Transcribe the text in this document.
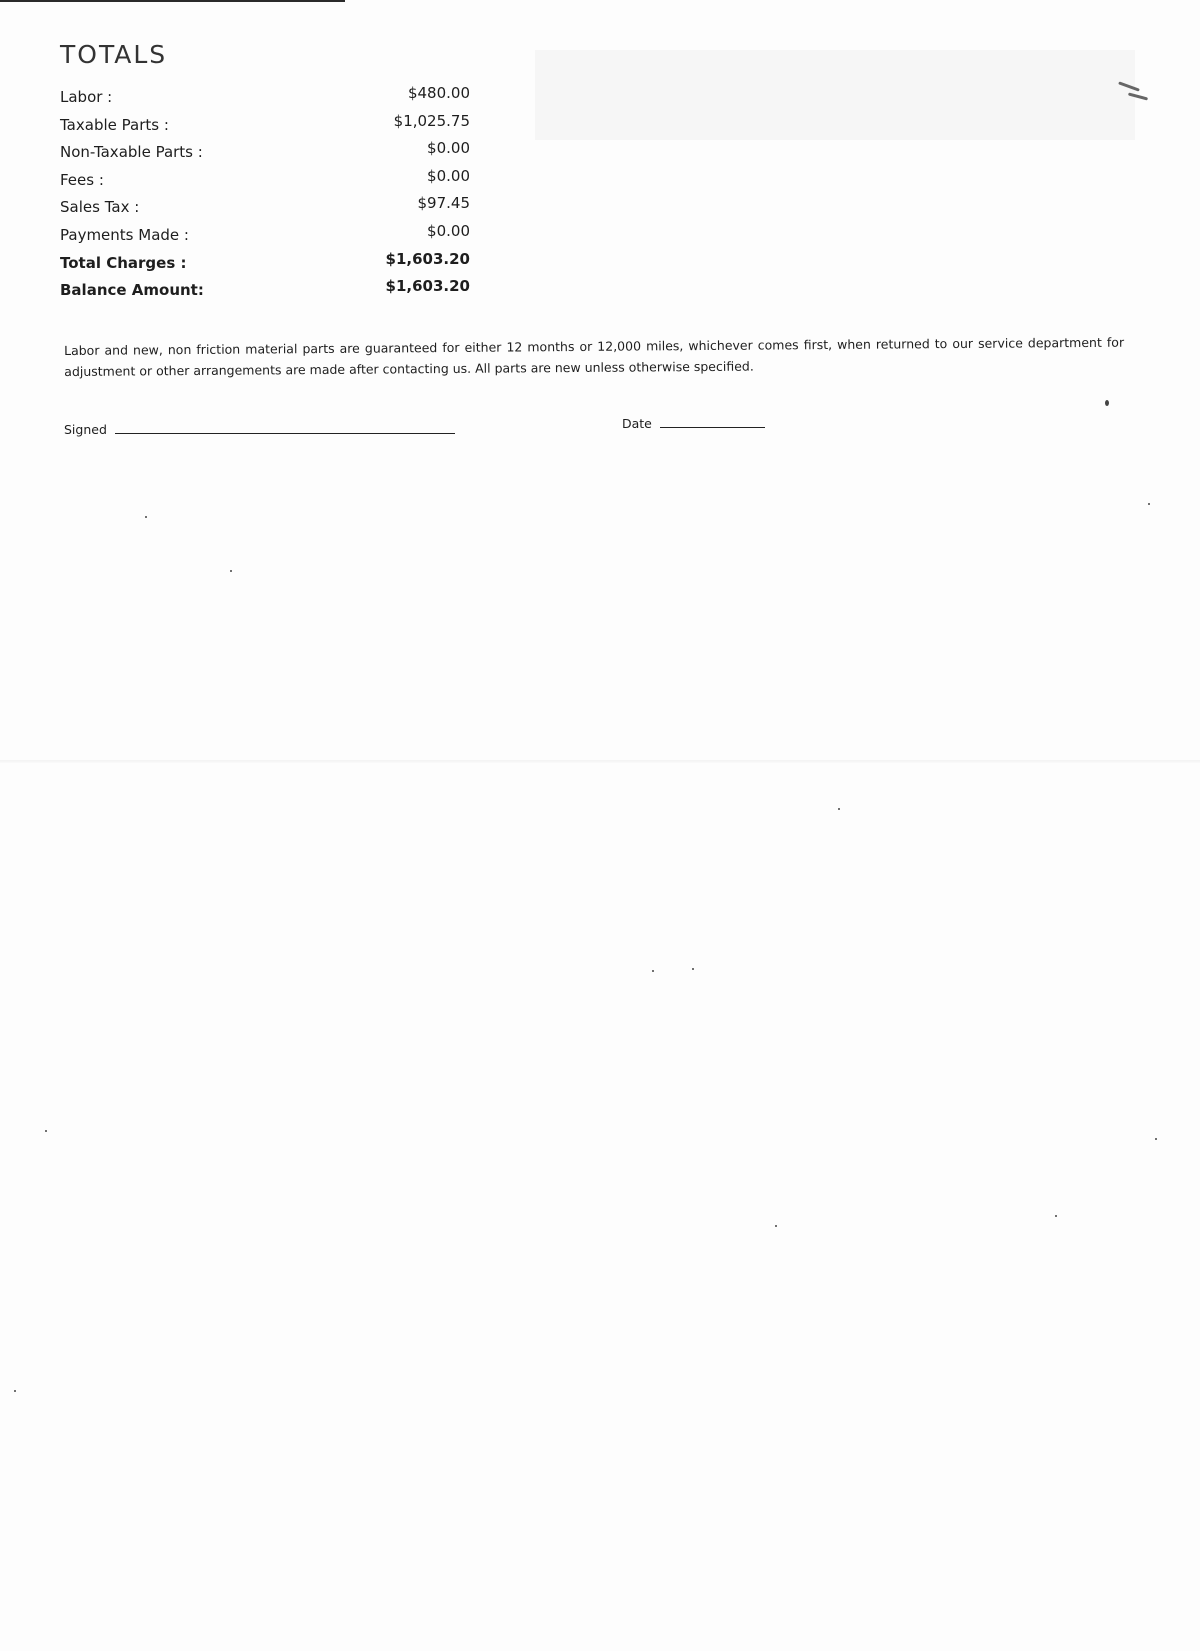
TOTALS
Labor :	$480.00
Taxable Parts :	$1,025.75
Non-Taxable Parts :	$0.00
Fees :	$0.00
Sales Tax :	$97.45
Payments Made :	$0.00
Total Charges :	$1,603.20
Balance Amount:	$1,603.20

Labor and new, non friction material parts are guaranteed for either 12 months or 12,000 miles, whichever comes first, when returned to our service department for adjustment or other arrangements are made after contacting us. All parts are new unless otherwise specified.

Signed	Date
